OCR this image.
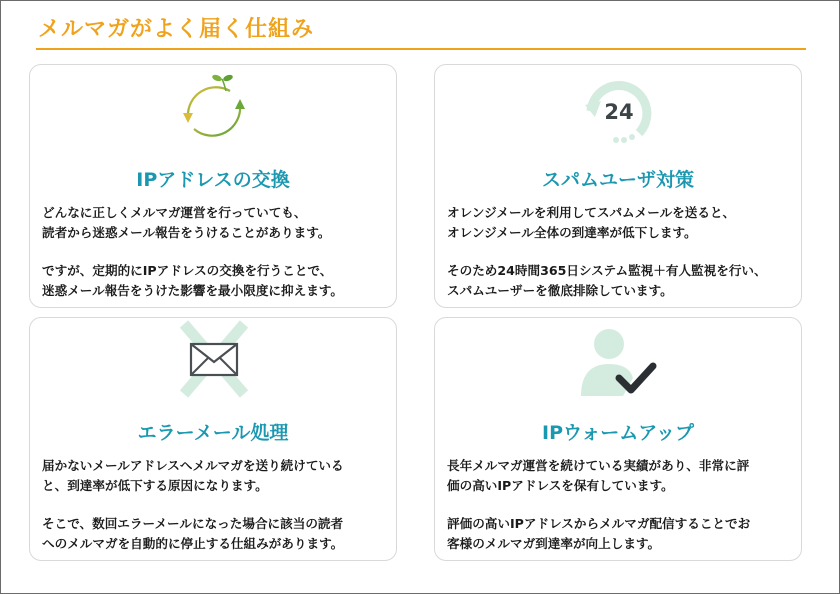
メルマガがよく届く仕組み
IPアドレスの交換
どんなに正しくメルマガ運営を行っていても、
読者から迷惑メール報告をうけることがあります。
ですが、定期的にIPアドレスの交換を行うことで、
迷惑メール報告をうけた影響を最小限度に抑えます。
24
スパムユーザ対策
オレンジメールを利用してスパムメールを送ると、
オレンジメール全体の到達率が低下します。
そのため24時間365日システム監視＋有人監視を行い、
スパムユーザーを徹底排除しています。
エラーメール処理
届かないメールアドレスへメルマガを送り続けている
と、到達率が低下する原因になります。
そこで、数回エラーメールになった場合に該当の読者
へのメルマガを自動的に停止する仕組みがあります。
IPウォームアップ
長年メルマガ運営を続けている実績があり、非常に評
価の高いIPアドレスを保有しています。
評価の高いIPアドレスからメルマガ配信することでお
客様のメルマガ到達率が向上します。
